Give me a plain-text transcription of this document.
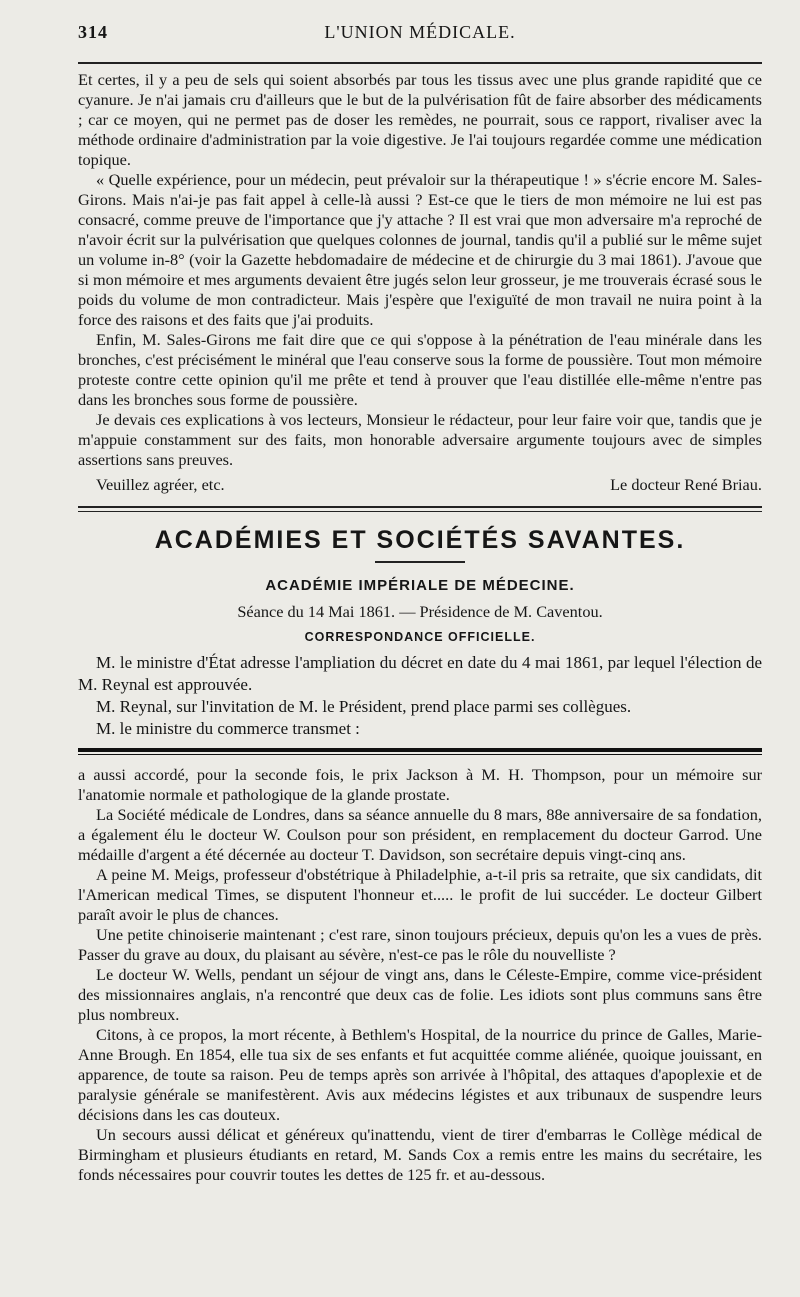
314	L'UNION MÉDICALE.

Et certes, il y a peu de sels qui soient absorbés par tous les tissus avec une plus grande rapidité que ce cyanure. Je n'ai jamais cru d'ailleurs que le but de la pulvérisation fût de faire absorber des médicaments ; car ce moyen, qui ne permet pas de doser les remèdes, ne pourrait, sous ce rapport, rivaliser avec la méthode ordinaire d'administration par la voie digestive. Je l'ai toujours regardée comme une médication topique.

« Quelle expérience, pour un médecin, peut prévaloir sur la thérapeutique ! » s'écrie encore M. Sales-Girons. Mais n'ai-je pas fait appel à celle-là aussi ? Est-ce que le tiers de mon mémoire ne lui est pas consacré, comme preuve de l'importance que j'y attache ? Il est vrai que mon adversaire m'a reproché de n'avoir écrit sur la pulvérisation que quelques colonnes de journal, tandis qu'il a publié sur le même sujet un volume in-8° (voir la Gazette hebdomadaire de médecine et de chirurgie du 3 mai 1861). J'avoue que si mon mémoire et mes arguments devaient être jugés selon leur grosseur, je me trouverais écrasé sous le poids du volume de mon contradicteur. Mais j'espère que l'exiguïté de mon travail ne nuira point à la force des raisons et des faits que j'ai produits.

Enfin, M. Sales-Girons me fait dire que ce qui s'oppose à la pénétration de l'eau minérale dans les bronches, c'est précisément le minéral que l'eau conserve sous la forme de poussière. Tout mon mémoire proteste contre cette opinion qu'il me prête et tend à prouver que l'eau distillée elle-même n'entre pas dans les bronches sous forme de poussière.

Je devais ces explications à vos lecteurs, Monsieur le rédacteur, pour leur faire voir que, tandis que je m'appuie constamment sur des faits, mon honorable adversaire argumente toujours avec de simples assertions sans preuves.

Veuillez agréer, etc.	Le docteur René Briau.
ACADÉMIES ET SOCIÉTÉS SAVANTES.
ACADÉMIE IMPÉRIALE DE MÉDECINE.

Séance du 14 Mai 1861. — Présidence de M. Caventou.

CORRESPONDANCE OFFICIELLE.

M. le ministre d'État adresse l'ampliation du décret en date du 4 mai 1861, par lequel l'élection de M. Reynal est approuvée.

M. Reynal, sur l'invitation de M. le Président, prend place parmi ses collègues.

M. le ministre du commerce transmet :

a aussi accordé, pour la seconde fois, le prix Jackson à M. H. Thompson, pour un mémoire sur l'anatomie normale et pathologique de la glande prostate.

La Société médicale de Londres, dans sa séance annuelle du 8 mars, 88e anniversaire de sa fondation, a également élu le docteur W. Coulson pour son président, en remplacement du docteur Garrod. Une médaille d'argent a été décernée au docteur T. Davidson, son secrétaire depuis vingt-cinq ans.

A peine M. Meigs, professeur d'obstétrique à Philadelphie, a-t-il pris sa retraite, que six candidats, dit l'American medical Times, se disputent l'honneur et..... le profit de lui succéder. Le docteur Gilbert paraît avoir le plus de chances.

Une petite chinoiserie maintenant ; c'est rare, sinon toujours précieux, depuis qu'on les a vues de près. Passer du grave au doux, du plaisant au sévère, n'est-ce pas le rôle du nouvelliste ?

Le docteur W. Wells, pendant un séjour de vingt ans, dans le Céleste-Empire, comme vice-président des missionnaires anglais, n'a rencontré que deux cas de folie. Les idiots sont plus communs sans être plus nombreux.

Citons, à ce propos, la mort récente, à Bethlem's Hospital, de la nourrice du prince de Galles, Marie-Anne Brough. En 1854, elle tua six de ses enfants et fut acquittée comme aliénée, quoique jouissant, en apparence, de toute sa raison. Peu de temps après son arrivée à l'hôpital, des attaques d'apoplexie et de paralysie générale se manifestèrent. Avis aux médecins légistes et aux tribunaux de suspendre leurs décisions dans les cas douteux.

Un secours aussi délicat et généreux qu'inattendu, vient de tirer d'embarras le Collège médical de Birmingham et plusieurs étudiants en retard, M. Sands Cox a remis entre les mains du secrétaire, les fonds nécessaires pour couvrir toutes les dettes de 125 fr. et au-dessous.
